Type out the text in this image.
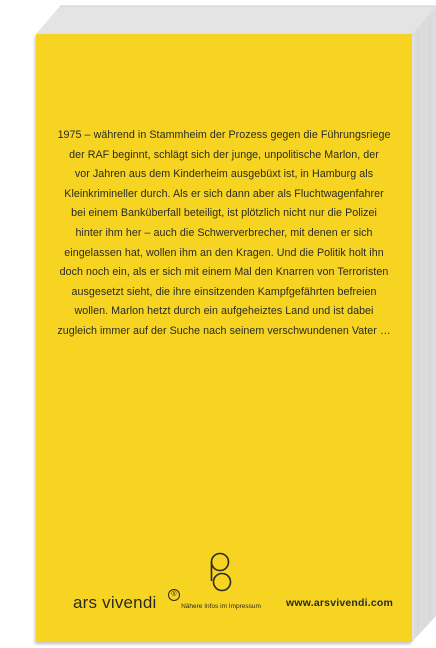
1975 – während in Stammheim der Prozess gegen die Führungsriege
der RAF beginnt, schlägt sich der junge, unpolitische Marlon, der
vor Jahren aus dem Kinderheim ausgebüxt ist, in Hamburg als
Kleinkrimineller durch. Als er sich dann aber als Fluchtwagenfahrer
bei einem Banküberfall beteiligt, ist plötzlich nicht nur die Polizei
hinter ihm her – auch die Schwerverbrecher, mit denen er sich
eingelassen hat, wollen ihm an den Kragen. Und die Politik holt ihn
doch noch ein, als er sich mit einem Mal den Knarren von Terroristen
ausgesetzt sieht, die ihre einsitzenden Kampfgefährten befreien
wollen. Marlon hetzt durch ein aufgeheiztes Land und ist dabei
zugleich immer auf der Suche nach seinem verschwundenen Vater …
ars vivendi	®
Nähere Infos im Impressum	www.arsvivendi.com
